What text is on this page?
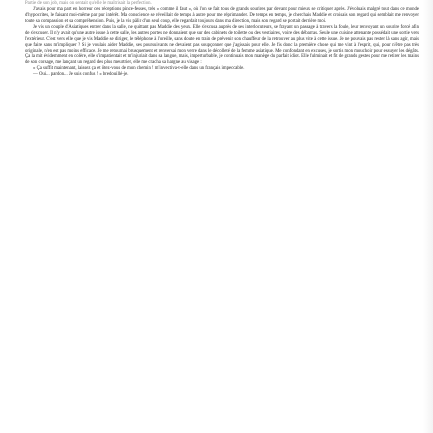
Partie de son job, mais on sentait qu'elle le maîtrisait la perfection.

J'avais pour ma part en horreur ces réceptions pince-fesses, très « comme il faut », où l'on se fait tous de grands sourires par devant pour mieux se critiquer après. J'évoluais malgré tout dans ce monde d'hypocrites, le faisant moi-même par pur intérêt. Ma conscience se réveillait de temps à autre pour me réprimander. De temps en temps, je cherchais Maddie et croisais son regard qui semblait me renvoyer toute sa compassion et sa compréhension. Puis, je la vis pâlir d'un seul coup, elle regardait toujours dans ma direction, mais son regard se portait derrière moi.

Je vis un couple d'Asiatiques entrer dans la salle, ne quittant pas Maddie des yeux. Elle s'excusa auprès de ses interlocuteurs, se frayant un passage à travers la foule, leur renvoyant un sourire forcé afin de s'excuser. Il n'y avait qu'une autre issue à cette salle, les autres portes ne donnaient que sur des cabinets de toilette ou des vestiaires, voire des débarras. Seule une cuisine attenante possédait une sortie vers l'extérieur. C'est vers elle que je vis Maddie se diriger, le téléphone à l'oreille, sans doute en train de prévenir son chauffeur de la retrouver au plus vite à cette issue. Je ne pouvais pas rester là sans agir, mais que faire sans m'impliquer ? Si je voulais aider Maddie, ses poursuivants ne devaient pas soupçonner que j'agissais pour elle. Je fis donc la première chose qui me vint à l'esprit, qui, pour n'être pas très originale, n'en est pas moins efficace. Je me retournai brusquement et renversai mon verre dans le décolleté de la femme asiatique. Me confondant en excuses, je sortis mon mouchoir pour essuyer les dégâts. Ça la mit évidemment en colère, elle s'impatientait et m'injuriait dans sa langue, mais, imperturbable, je continuais mon manège du parfait idiot. Elle fulminait et fit de grands gestes pour me retirer les mains de son corsage, me lançant un regard des plus meurtrier, elle me cracha sa hargne au visage :

« Ça suffit maintenant, laissez ça et ôtez-vous de mon chemin ! m'invectiva-t-elle dans un français impeccable.

— Oui... pardon... Je suis confus ! » bredouillé-je.
